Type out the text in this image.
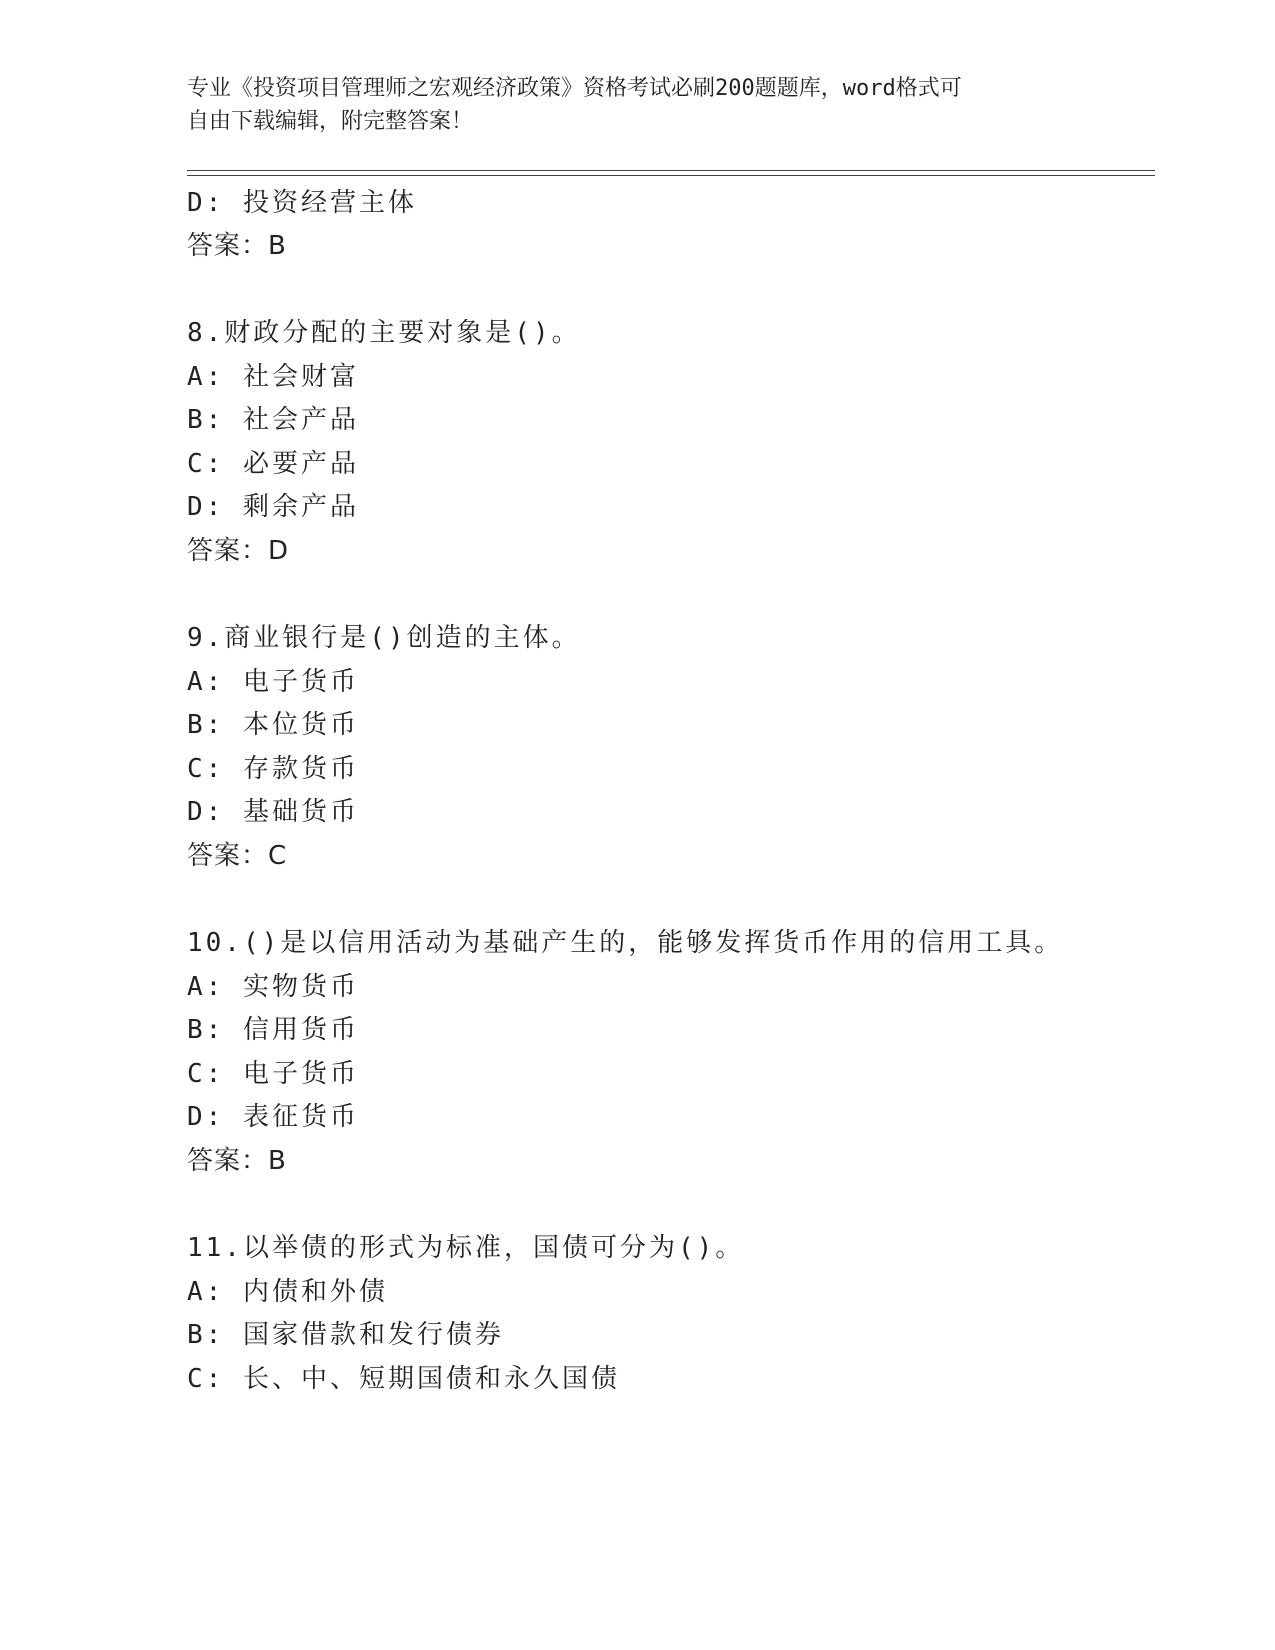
专业《投资项目管理师之宏观经济政策》资格考试必刷200题题库，word格式可
自由下载编辑，附完整答案！
D: 投资经营主体
答案：B
8.财政分配的主要对象是()。
A: 社会财富
B: 社会产品
C: 必要产品
D: 剩余产品
答案：D
9.商业银行是()创造的主体。
A: 电子货币
B: 本位货币
C: 存款货币
D: 基础货币
答案：C
10.()是以信用活动为基础产生的，能够发挥货币作用的信用工具。
A: 实物货币
B: 信用货币
C: 电子货币
D: 表征货币
答案：B
11.以举债的形式为标准，国债可分为()。
A: 内债和外债
B: 国家借款和发行债券
C: 长、中、短期国债和永久国债
